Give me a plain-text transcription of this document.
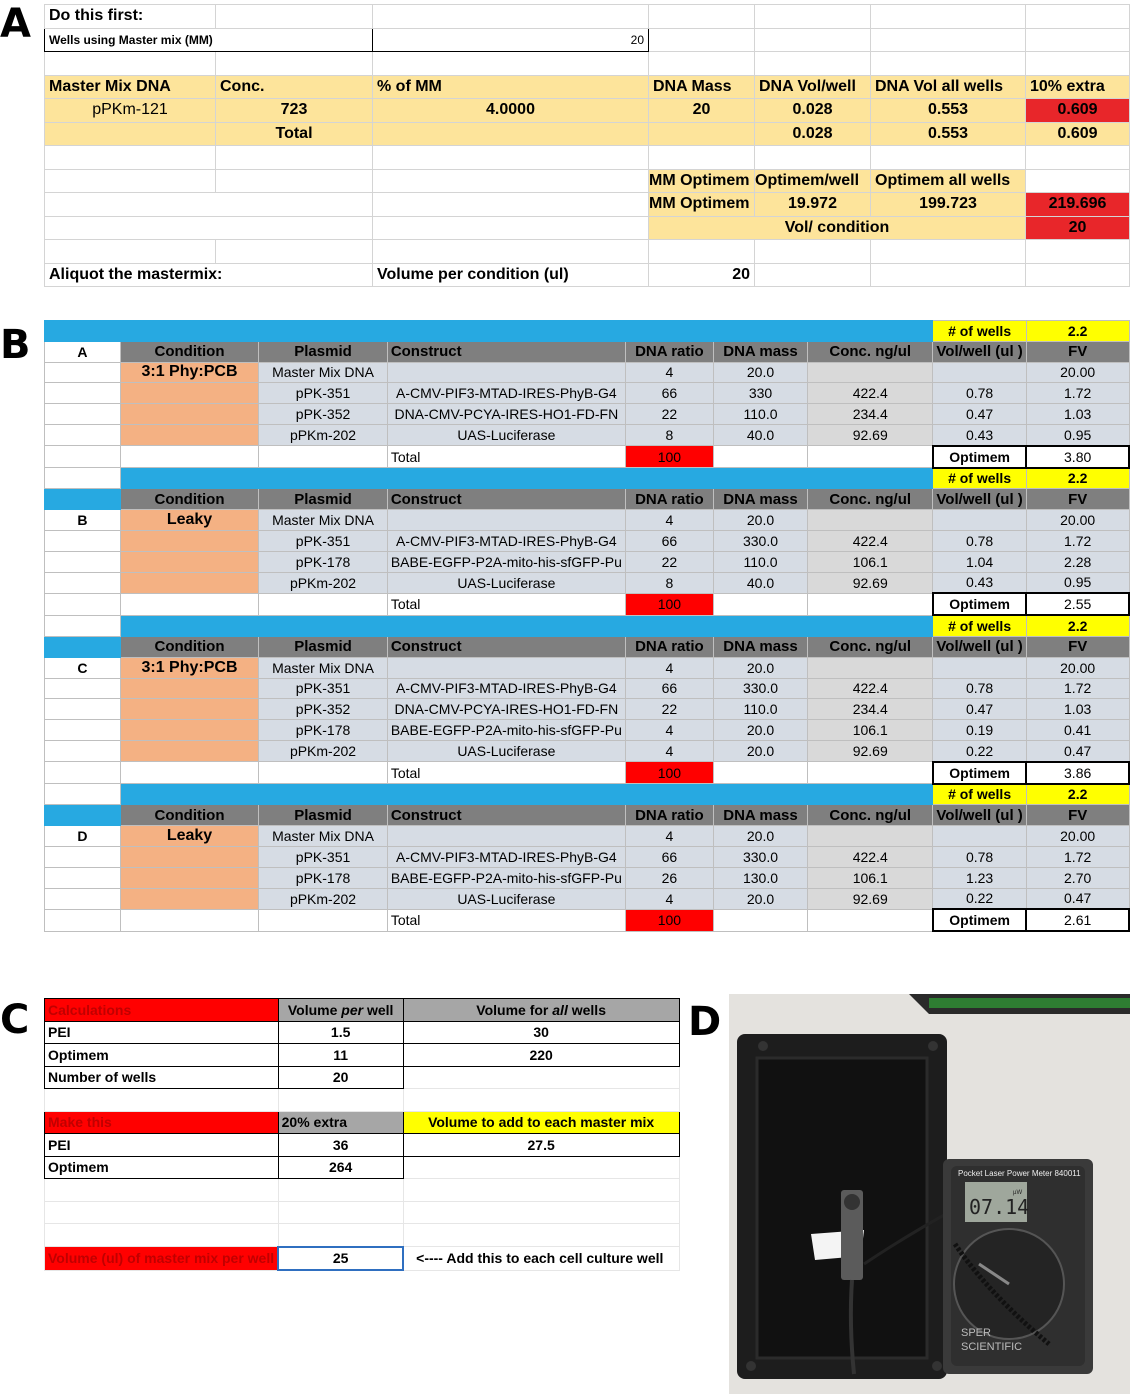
A
B
C	D
Do this first:						
Wells using Master mix (MM)		20				

Master Mix DNA	Conc.	% of MM	DNA Mass	DNA Vol/well	DNA Vol all wells	10% extra
pPKm-121	723	4.0000	20	0.028	0.553	0.609
	Total			0.028	0.553	0.609

			MM Optimem	Optimem/well	Optimem all wells	
			MM Optimem	19.972	199.723	219.696
			Vol/ condition			20

Aliquot the mastermix:		Volume per condition (ul)	20			
							# of wells	2.2
A	Condition	Plasmid	Construct	DNA ratio	DNA mass	Conc. ng/ul	Vol/well (ul )	FV
	3:1 Phy:PCB	Master Mix DNA		4	20.0			20.00
		pPK-351	A-CMV-PIF3-MTAD-IRES-PhyB-G4	66	330	422.4	0.78	1.72
		pPK-352	DNA-CMV-PCYA-IRES-HO1-FD-FN	22	110.0	234.4	0.47	1.03
		pPKm-202	UAS-Luciferase	8	40.0	92.69	0.43	0.95
			Total	100			Optimem	3.80
							# of wells	2.2
	Condition	Plasmid	Construct	DNA ratio	DNA mass	Conc. ng/ul	Vol/well (ul )	FV
B	Leaky	Master Mix DNA		4	20.0			20.00
		pPK-351	A-CMV-PIF3-MTAD-IRES-PhyB-G4	66	330.0	422.4	0.78	1.72
		pPK-178	BABE-EGFP-P2A-mito-his-sfGFP-Pu	22	110.0	106.1	1.04	2.28
		pPKm-202	UAS-Luciferase	8	40.0	92.69	0.43	0.95
			Total	100			Optimem	2.55
							# of wells	2.2
	Condition	Plasmid	Construct	DNA ratio	DNA mass	Conc. ng/ul	Vol/well (ul )	FV
C	3:1 Phy:PCB	Master Mix DNA		4	20.0			20.00
		pPK-351	A-CMV-PIF3-MTAD-IRES-PhyB-G4	66	330.0	422.4	0.78	1.72
		pPK-352	DNA-CMV-PCYA-IRES-HO1-FD-FN	22	110.0	234.4	0.47	1.03
		pPK-178	BABE-EGFP-P2A-mito-his-sfGFP-Pu	4	20.0	106.1	0.19	0.41
		pPKm-202	UAS-Luciferase	4	20.0	92.69	0.22	0.47
			Total	100			Optimem	3.86
							# of wells	2.2
	Condition	Plasmid	Construct	DNA ratio	DNA mass	Conc. ng/ul	Vol/well (ul )	FV
D	Leaky	Master Mix DNA		4	20.0			20.00
		pPK-351	A-CMV-PIF3-MTAD-IRES-PhyB-G4	66	330.0	422.4	0.78	1.72
		pPK-178	BABE-EGFP-P2A-mito-his-sfGFP-Pu	26	130.0	106.1	1.23	2.70
		pPKm-202	UAS-Luciferase	4	20.0	92.69	0.22	0.47
			Total	100			Optimem	2.61
Calculations	Volume per well	Volume for all wells
PEI	1.5	30
Optimem	11	220
Number of wells	20	

Make this	20% extra	Volume to add to each master mix
PEI	36	27.5
Optimem	264	

Volume (ul) of master mix per well	25	<---- Add this to each cell culture well
Pocket Laser Power Meter 840011
07.14
µW
SPER
SCIENTIFIC
